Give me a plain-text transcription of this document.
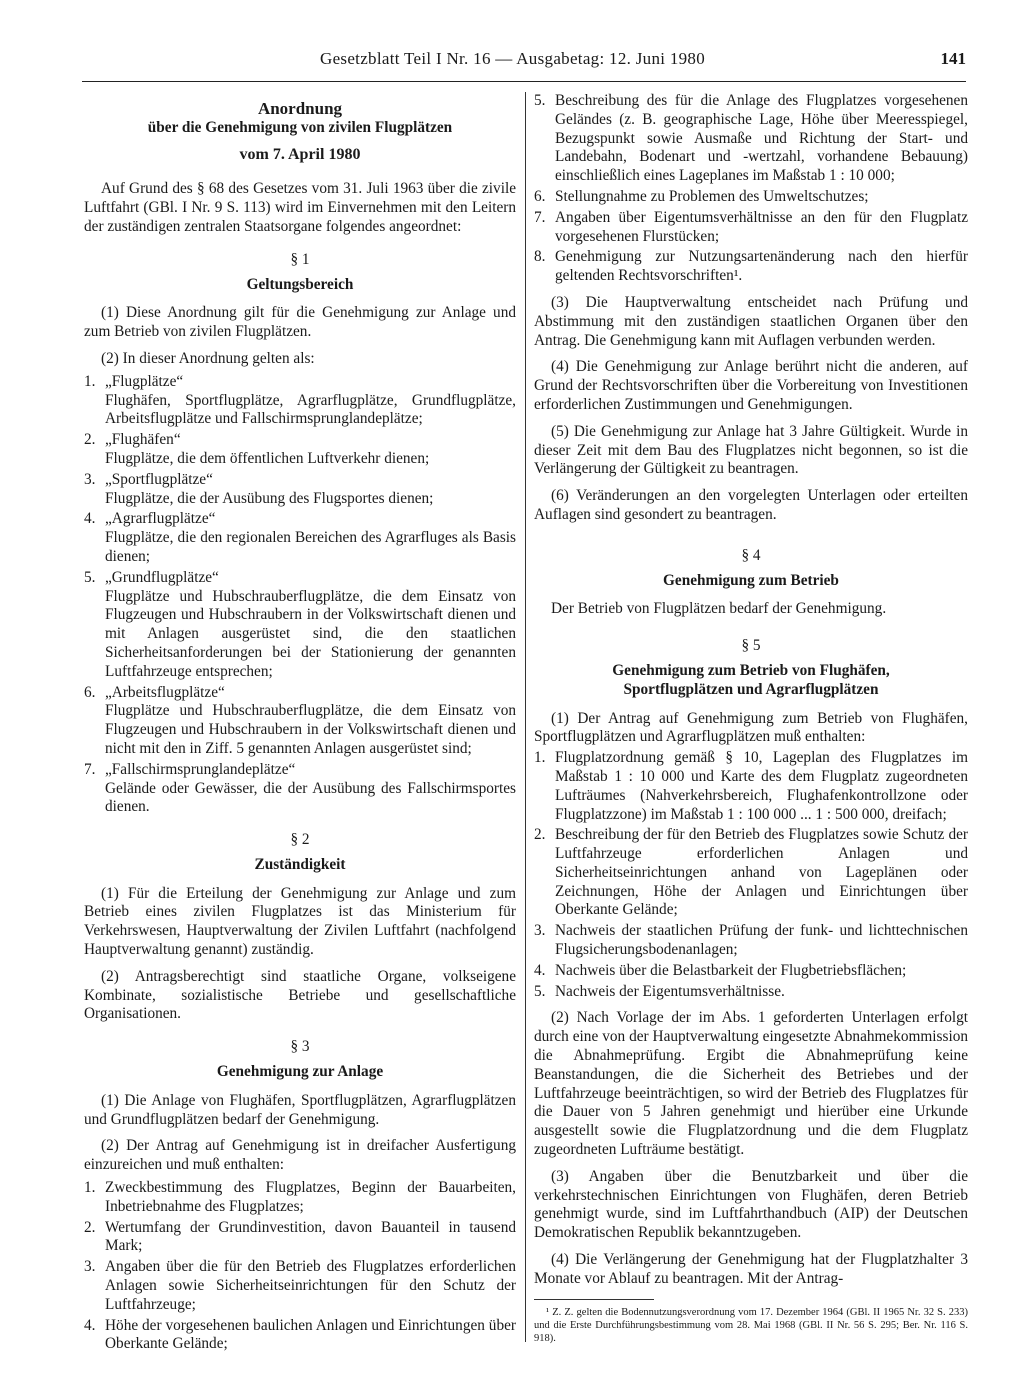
Gesetzblatt Teil I Nr. 16 — Ausgabetag: 12. Juni 1980	141

Anordnung

über die Genehmigung von zivilen Flugplätzen

vom 7. April 1980

Auf Grund des § 68 des Gesetzes vom 31. Juli 1963 über die zivile Luftfahrt (GBl. I Nr. 9 S. 113) wird im Einvernehmen mit den Leitern der zuständigen zentralen Staatsorgane folgendes angeordnet:

§ 1

Geltungsbereich

(1) Diese Anordnung gilt für die Genehmigung zur Anlage und zum Betrieb von zivilen Flugplätzen.

(2) In dieser Anordnung gelten als:

1. „Flugplätze“
Flughäfen, Sportflugplätze, Agrarflugplätze, Grundflugplätze, Arbeitsflugplätze und Fallschirmsprunglandeplätze;
2. „Flughäfen“
Flugplätze, die dem öffentlichen Luftverkehr dienen;
3. „Sportflugplätze“
Flugplätze, die der Ausübung des Flugsportes dienen;
4. „Agrarflugplätze“
Flugplätze, die den regionalen Bereichen des Agrarfluges als Basis dienen;
5. „Grundflugplätze“
Flugplätze und Hubschrauberflugplätze, die dem Einsatz von Flugzeugen und Hubschraubern in der Volkswirtschaft dienen und mit Anlagen ausgerüstet sind, die den staatlichen Sicherheitsanforderungen bei der Stationierung der genannten Luftfahrzeuge entsprechen;
6. „Arbeitsflugplätze“
Flugplätze und Hubschrauberflugplätze, die dem Einsatz von Flugzeugen und Hubschraubern in der Volkswirtschaft dienen und nicht mit den in Ziff. 5 genannten Anlagen ausgerüstet sind;
7. „Fallschirmsprunglandeplätze“
Gelände oder Gewässer, die der Ausübung des Fallschirmsportes dienen.

§ 2

Zuständigkeit

(1) Für die Erteilung der Genehmigung zur Anlage und zum Betrieb eines zivilen Flugplatzes ist das Ministerium für Verkehrswesen, Hauptverwaltung der Zivilen Luftfahrt (nachfolgend Hauptverwaltung genannt) zuständig.

(2) Antragsberechtigt sind staatliche Organe, volkseigene Kombinate, sozialistische Betriebe und gesellschaftliche Organisationen.

§ 3

Genehmigung zur Anlage

(1) Die Anlage von Flughäfen, Sportflugplätzen, Agrarflugplätzen und Grundflugplätzen bedarf der Genehmigung.

(2) Der Antrag auf Genehmigung ist in dreifacher Ausfertigung einzureichen und muß enthalten:

1. Zweckbestimmung des Flugplatzes, Beginn der Bauarbeiten, Inbetriebnahme des Flugplatzes;
2. Wertumfang der Grundinvestition, davon Bauanteil in tausend Mark;
3. Angaben über die für den Betrieb des Flugplatzes erforderlichen Anlagen sowie Sicherheitseinrichtungen für den Schutz der Luftfahrzeuge;
4. Höhe der vorgesehenen baulichen Anlagen und Einrichtungen über Oberkante Gelände;
5. Beschreibung des für die Anlage des Flugplatzes vorgesehenen Geländes (z. B. geographische Lage, Höhe über Meeresspiegel, Bezugspunkt sowie Ausmaße und Richtung der Start- und Landebahn, Bodenart und -wertzahl, vorhandene Bebauung) einschließlich eines Lageplanes im Maßstab 1 : 10 000;
6. Stellungnahme zu Problemen des Umweltschutzes;
7. Angaben über Eigentumsverhältnisse an den für den Flugplatz vorgesehenen Flurstücken;
8. Genehmigung zur Nutzungsartenänderung nach den hierfür geltenden Rechtsvorschriften¹.

(3) Die Hauptverwaltung entscheidet nach Prüfung und Abstimmung mit den zuständigen staatlichen Organen über den Antrag. Die Genehmigung kann mit Auflagen verbunden werden.

(4) Die Genehmigung zur Anlage berührt nicht die anderen, auf Grund der Rechtsvorschriften über die Vorbereitung von Investitionen erforderlichen Zustimmungen und Genehmigungen.

(5) Die Genehmigung zur Anlage hat 3 Jahre Gültigkeit. Wurde in dieser Zeit mit dem Bau des Flugplatzes nicht begonnen, so ist die Verlängerung der Gültigkeit zu beantragen.

(6) Veränderungen an den vorgelegten Unterlagen oder erteilten Auflagen sind gesondert zu beantragen.

§ 4

Genehmigung zum Betrieb

Der Betrieb von Flugplätzen bedarf der Genehmigung.

§ 5

Genehmigung zum Betrieb von Flughäfen,

Sportflugplätzen und Agrarflugplätzen

(1) Der Antrag auf Genehmigung zum Betrieb von Flughäfen, Sportflugplätzen und Agrarflugplätzen muß enthalten:

1. Flugplatzordnung gemäß § 10, Lageplan des Flugplatzes im Maßstab 1 : 10 000 und Karte des dem Flugplatz zugeordneten Lufträumes (Nahverkehrsbereich, Flughafenkontrollzone oder Flugplatzzone) im Maßstab 1 : 100 000 ... 1 : 500 000, dreifach;
2. Beschreibung der für den Betrieb des Flugplatzes sowie Schutz der Luftfahrzeuge erforderlichen Anlagen und Sicherheitseinrichtungen anhand von Lageplänen oder Zeichnungen, Höhe der Anlagen und Einrichtungen über Oberkante Gelände;
3. Nachweis der staatlichen Prüfung der funk- und lichttechnischen Flugsicherungsbodenanlagen;
4. Nachweis über die Belastbarkeit der Flugbetriebsflächen;
5. Nachweis der Eigentumsverhältnisse.

(2) Nach Vorlage der im Abs. 1 geforderten Unterlagen erfolgt durch eine von der Hauptverwaltung eingesetzte Abnahmekommission die Abnahmeprüfung. Ergibt die Abnahmeprüfung keine Beanstandungen, die die Sicherheit des Betriebes und der Luftfahrzeuge beeinträchtigen, so wird der Betrieb des Flugplatzes für die Dauer von 5 Jahren genehmigt und hierüber eine Urkunde ausgestellt sowie die Flugplatzordnung und die dem Flugplatz zugeordneten Lufträume bestätigt.

(3) Angaben über die Benutzbarkeit und über die verkehrstechnischen Einrichtungen von Flughäfen, deren Betrieb genehmigt wurde, sind im Luftfahrthandbuch (AIP) der Deutschen Demokratischen Republik bekanntzugeben.

(4) Die Verlängerung der Genehmigung hat der Flugplatzhalter 3 Monate vor Ablauf zu beantragen. Mit der Antrag-

¹ Z. Z. gelten die Bodennutzungsverordnung vom 17. Dezember 1964 (GBl. II 1965 Nr. 32 S. 233) und die Erste Durchführungsbestimmung vom 28. Mai 1968 (GBl. II Nr. 56 S. 295; Ber. Nr. 116 S. 918).
